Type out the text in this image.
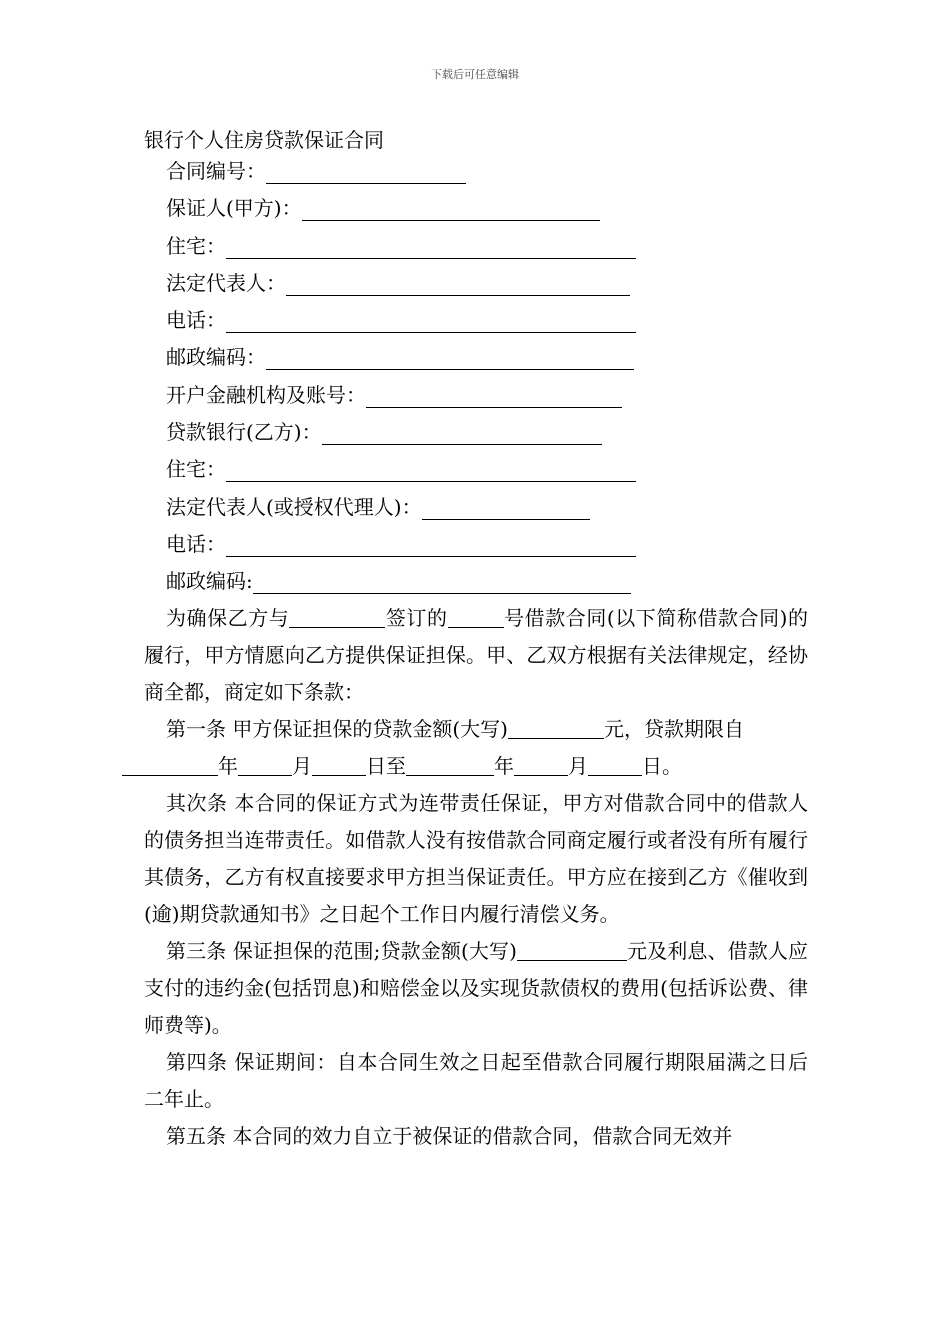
下载后可任意编辑
银行个人住房贷款保证合同
合同编号：
保证人(甲方)：
住宅：
法定代表人：
电话：
邮政编码：
开户金融机构及账号：
贷款银行(乙方)：
住宅：
法定代表人(或授权代理人)：
电话：
邮政编码:
为确保乙方与	签订的	号借款合同(以下简称借款合同)的履行，甲方情愿向乙方提供保证担保。甲、乙双方根据有关法律规定，经协商全都，商定如下条款：
第一条 甲方保证担保的贷款金额(大写)	元，贷款期限自
年	月	日至	年	月	日。
其次条 本合同的保证方式为连带责任保证，甲方对借款合同中的借款人的债务担当连带责任。如借款人没有按借款合同商定履行或者没有所有履行其债务，乙方有权直接要求甲方担当保证责任。甲方应在接到乙方《催收到(逾)期贷款通知书》之日起个工作日内履行清偿义务。
第三条 保证担保的范围;贷款金额(大写)	元及利息、借款人应支付的违约金(包括罚息)和赔偿金以及实现货款债权的费用(包括诉讼费、律师费等)。
第四条 保证期间：自本合同生效之日起至借款合同履行期限届满之日后二年止。
第五条 本合同的效力自立于被保证的借款合同，借款合同无效并
